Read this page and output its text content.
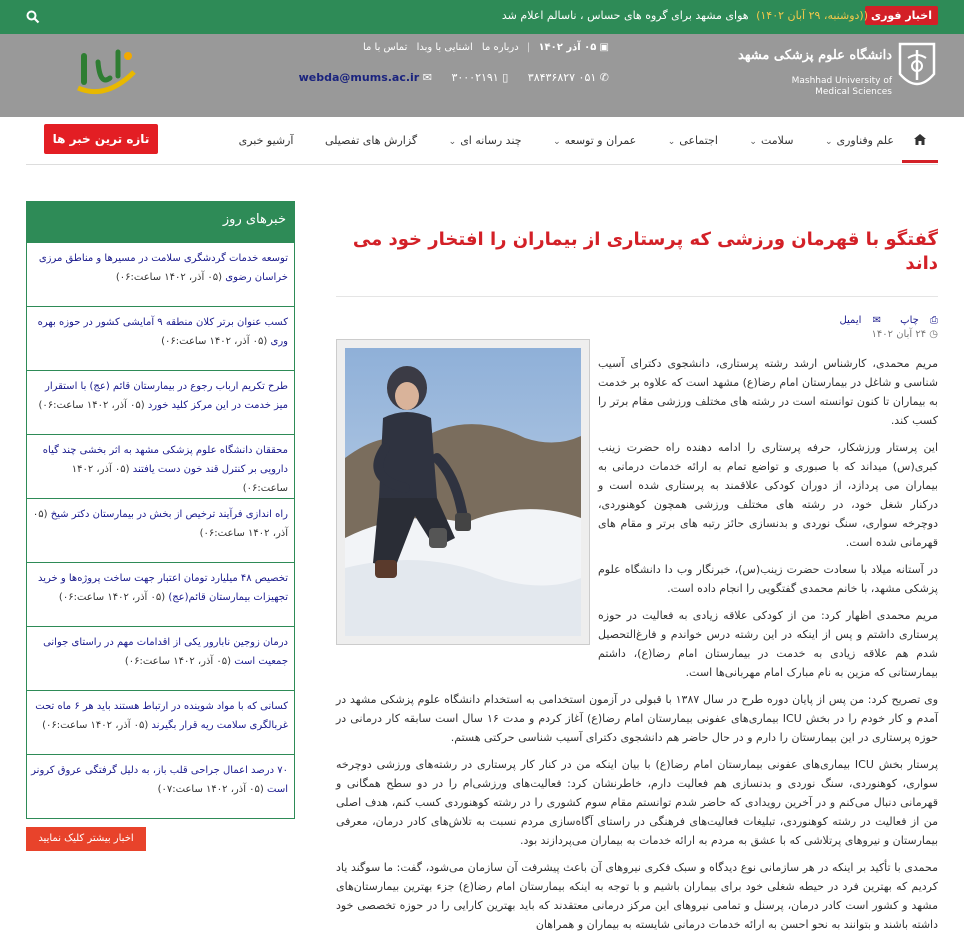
اخبار فوری
((دوشنبه، ۲۹ آبان ۱۴۰۲) هوای مشهد برای گروه های حساس ، ناسالم اعلام شد
دانشگاه علوم پزشکی مشهد
Mashhad University of
Medical Sciences
▣ ۰۵ آذر ۱۴۰۲ | درباره ما اشنایی با وبدا تماس با ما
✆ ۰۵۱ ۳۸۴۳۶۸۲۷ ▯ ۳۰۰۰۲۱۹۱ ✉ webda@mums.ac.ir
علم وفناوری⌄ سلامت⌄ اجتماعی⌄ عمران و توسعه⌄ چند رسانه ای⌄ گزارش های تفصیلی آرشیو خبری
تازه ترین خبر ها
خبرهای روز
توسعه خدمات گردشگری سلامت در مسیرها و مناطق مرزی خراسان رضوی (۰۵ آذر، ۱۴۰۲ ساعت:۰۶)
کسب عنوان برتر کلان منطقه ۹ آمایشی کشور در حوزه بهره وری (۰۵ آذر، ۱۴۰۲ ساعت:۰۶)
طرح تکریم ارباب رجوع در بیمارستان قائم (عج) با استقرار میز خدمت در این مرکز کلید خورد (۰۵ آذر، ۱۴۰۲ ساعت:۰۶)
محققان دانشگاه علوم پزشکی مشهد به اثر بخشی چند گیاه دارویی بر کنترل قند خون دست یافتند (۰۵ آذر، ۱۴۰۲ ساعت:۰۶)
راه اندازی فرآیند ترخیص از بخش در بیمارستان دکتر شیخ (۰۵ آذر، ۱۴۰۲ ساعت:۰۶)
تخصیص ۴۸ میلیارد تومان اعتبار جهت ساخت پروژه‌ها و خرید تجهیزات بیمارستان قائم(عج) (۰۵ آذر، ۱۴۰۲ ساعت:۰۶)
درمان زوجین نابارور یکی از اقدامات مهم در راستای جوانی جمعیت است (۰۵ آذر، ۱۴۰۲ ساعت:۰۶)
کسانی که با مواد شوینده در ارتباط هستند باید هر ۶ ماه تحت غربالگری سلامت ریه قرار بگیرند (۰۵ آذر، ۱۴۰۲ ساعت:۰۶)
۷۰ درصد اعمال جراحی قلب باز، به دلیل گرفتگی عروق کرونر است (۰۵ آذر، ۱۴۰۲ ساعت:۰۷)
اخبار بیشتر کلیک نمایید
گفتگو با قهرمان ورزشی که پرستاری از بیماران را افتخار خود می داند
⎙ چاپ ✉ ایمیل
◷ ۲۴ آبان ۱۴۰۲

مریم محمدی، کارشناس ارشد رشته پرستاری، دانشجوی دکترای آسیب شناسی و شاغل در بیمارستان امام رضا(ع) مشهد است که علاوه بر خدمت به بیماران تا کنون توانسته است در رشته های مختلف ورزشی مقام برتر را کسب کند.

این پرستار ورزشکار، حرفه پرستاری را ادامه دهنده راه حضرت زینب کبری(س) میداند که با صبوری و تواضع تمام به ارائه خدمات درمانی به بیماران می پردازد، از دوران کودکی علاقمند به پرستاری شده است و درکنار شغل خود، در رشته های مختلف ورزشی همچون کوهنوردی، دوچرخه سواری، سنگ نوردی و بدنسازی حائز رتبه های برتر و مقام های قهرمانی شده است.

در آستانه میلاد با سعادت حضرت زینب(س)، خبرنگار وب دا دانشگاه علوم پزشکی مشهد، با خانم محمدی گفتگویی را انجام داده است.

مریم محمدی اظهار کرد: من از کودکی علاقه زیادی به فعالیت در حوزه پرستاری داشتم و پس از اینکه در این رشته درس خواندم و فارغ‌التحصیل شدم هم علاقه زیادی به خدمت در بیمارستان امام رضا(ع)، داشتم بیمارستانی که مزین به نام مبارک امام مهربانی‌ها است.

وی تصریح کرد: من پس از پایان دوره طرح در سال ۱۳۸۷ با قبولی در آزمون استخدامی به استخدام دانشگاه علوم پزشکی مشهد در آمدم و کار خودم را در بخش ICU بیماری‌های عفونی بیمارستان امام رضا(ع) آغاز کردم و مدت ۱۶ سال است سابقه کار درمانی در حوزه پرستاری در این بیمارستان را دارم و در حال حاضر هم دانشجوی دکترای آسیب شناسی حرکتی هستم.

پرستار بخش ICU بیماری‌های عفونی بیمارستان امام رضا(ع) با بیان اینکه من در کنار کار پرستاری در رشته‌های ورزشی دوچرخه سواری، کوهنوردی، سنگ نوردی و بدنسازی هم فعالیت دارم، خاطرنشان کرد: فعالیت‌های ورزشی‌ام را در دو سطح همگانی و قهرمانی دنبال می‌کنم و در آخرین رویدادی که حاضر شدم توانستم مقام سوم کشوری را در رشته کوهنوردی کسب کنم، هدف اصلی من از فعالیت در رشته کوهنوردی، تبلیغات فعالیت‌های فرهنگی در راستای آگاه‌سازی مردم نسبت به تلاش‌های کادر درمان، معرفی بیمارستان و نیروهای پرتلاشی که با عشق به مردم به ارائه خدمات به بیماران می‌پردازند بود.

محمدی با تأکید بر اینکه در هر سازمانی نوع دیدگاه و سبک فکری نیروهای آن باعث پیشرفت آن سازمان می‌شود، گفت: ما سوگند یاد کردیم که بهترین فرد در حیطه شغلی خود برای بیماران باشیم و با توجه به اینکه بیمارستان امام رضا(ع) جزء بهترین بیمارستان‌های مشهد و کشور است کادر درمان، پرسنل و تمامی نیروهای این مرکز درمانی معتقدند که باید بهترین کارایی را در حوزه تخصصی خود داشته باشند و بتوانند به نحو احسن به ارائه خدمات درمانی شایسته به بیماران و همراهان
